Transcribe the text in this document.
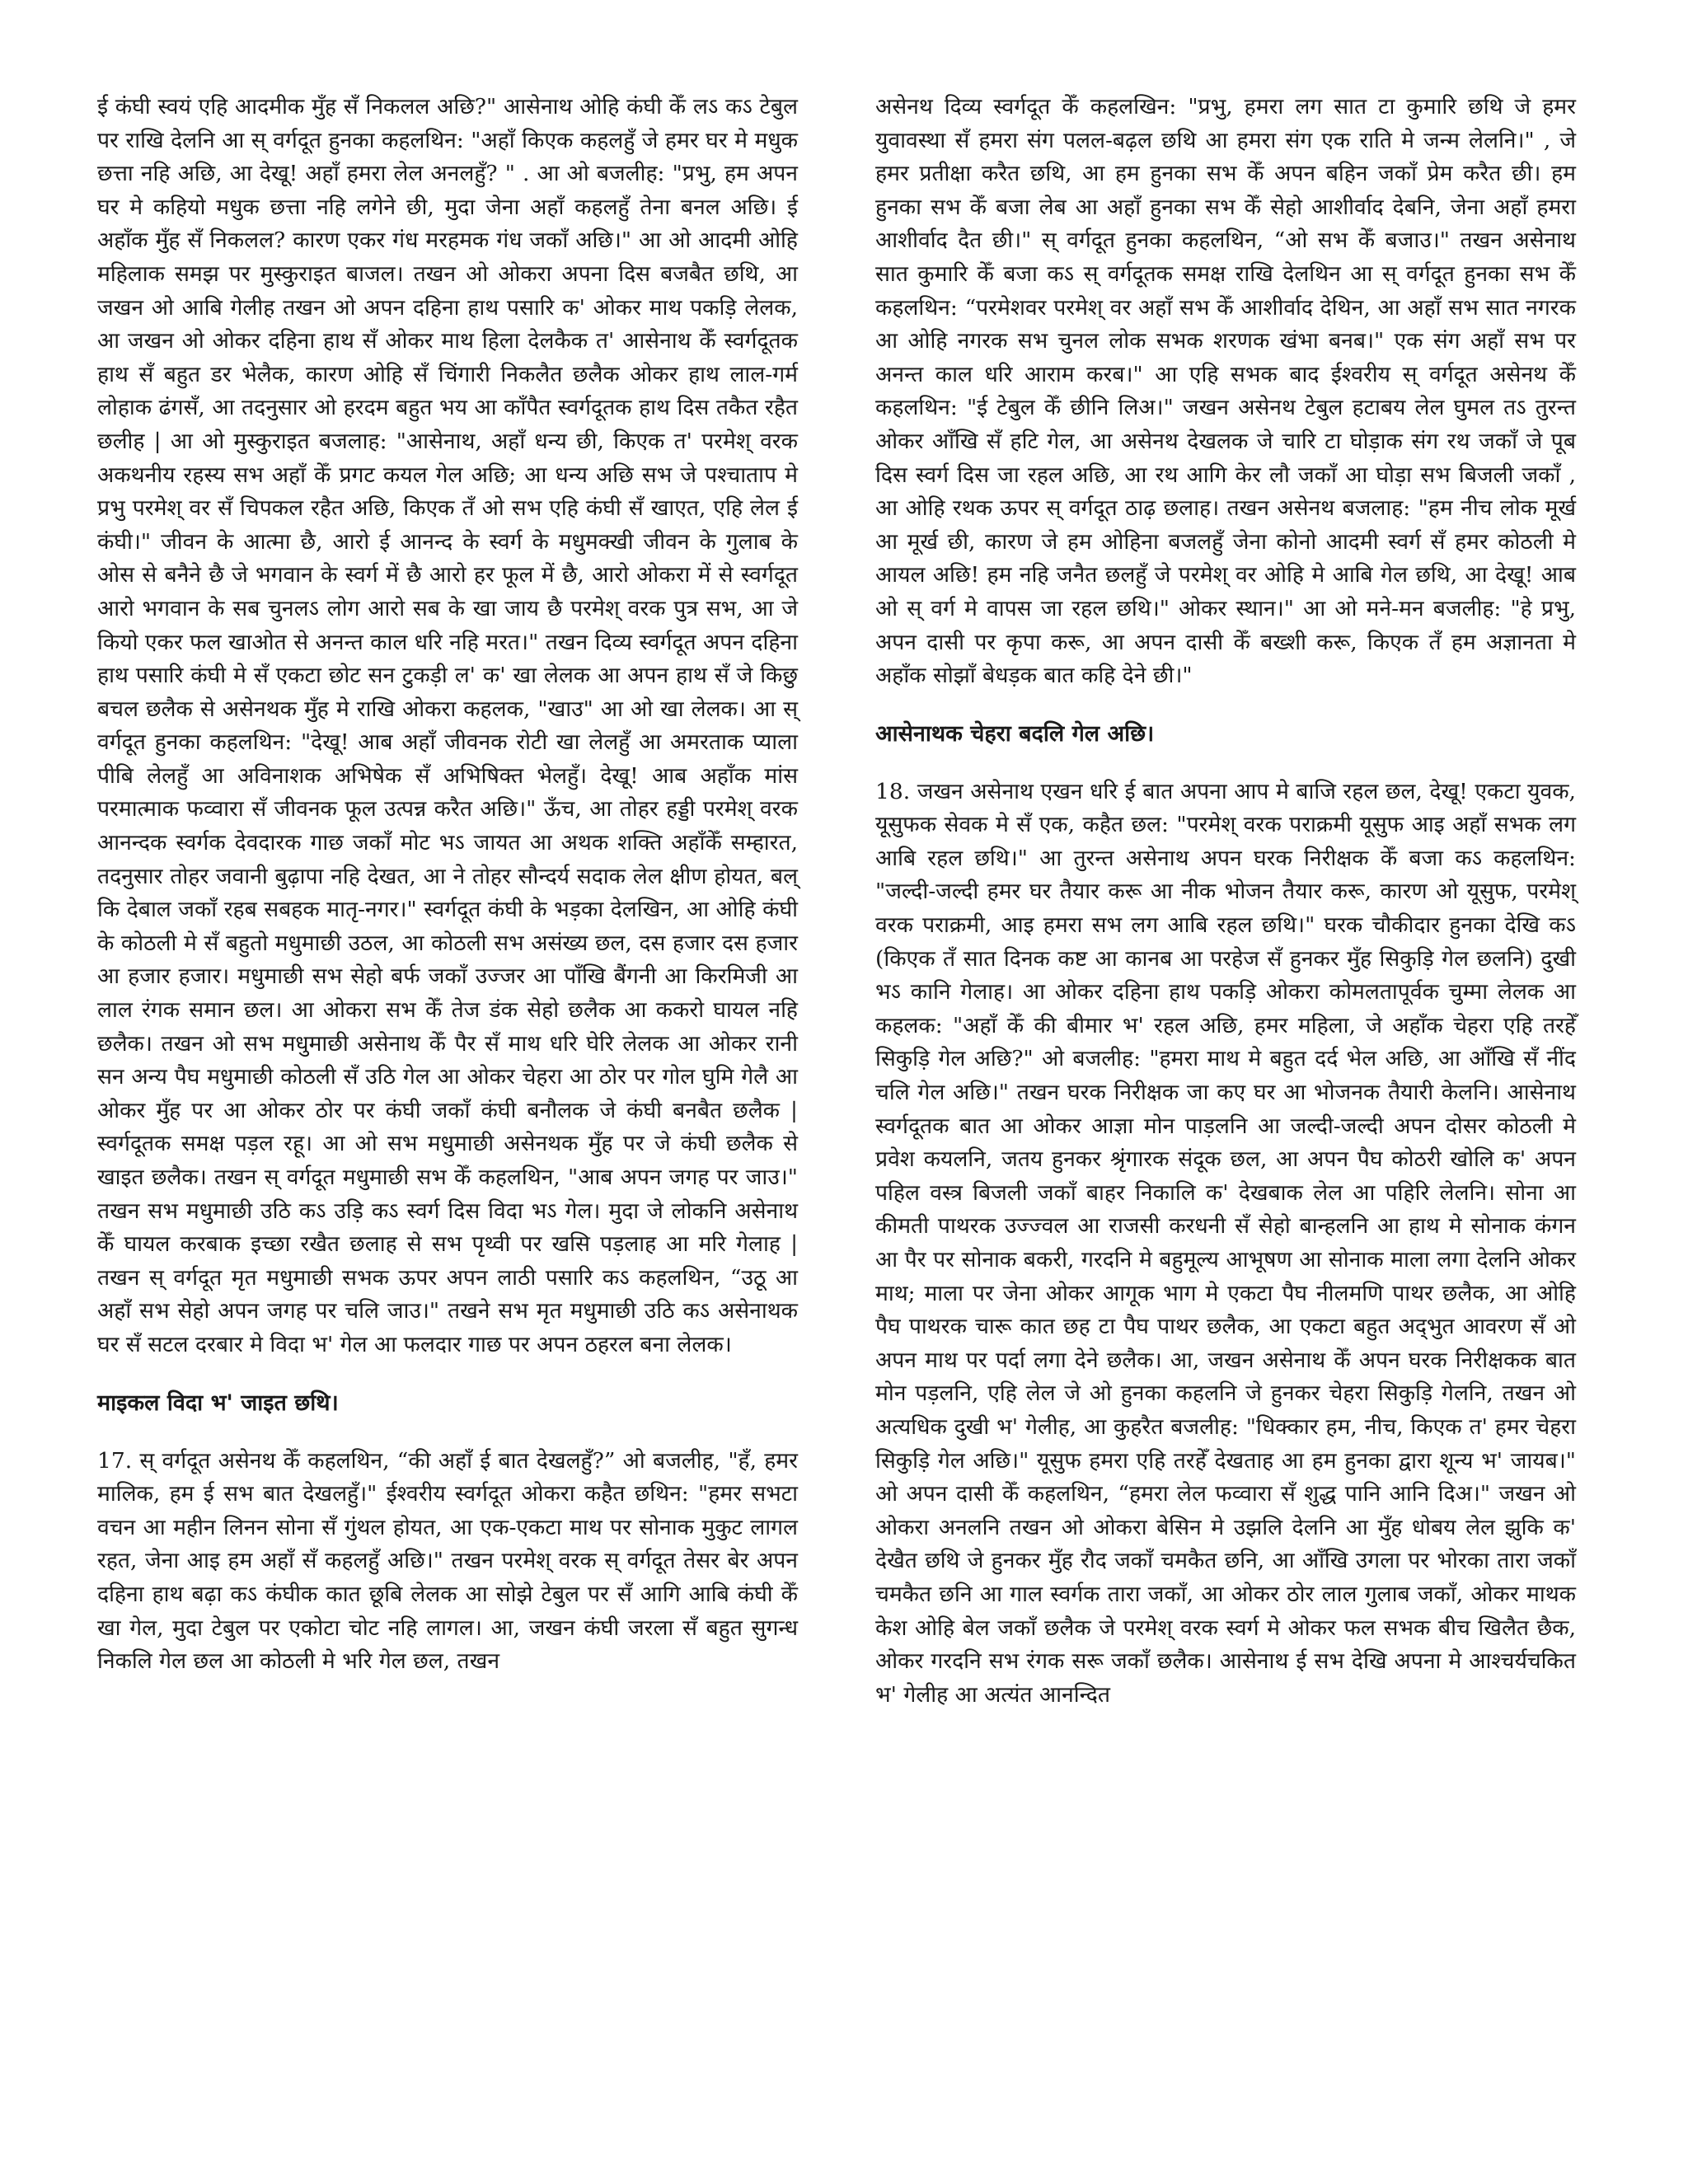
ई कंघी स्वयं एहि आदमीक मुँह सँ निकलल अछि?" आसेनाथ ओहि कंघी केँ लऽ कऽ टेबुल पर राखि देलनि आ स्‌ वर्गदूत हुनका कहलथिन: "अहाँ किएक कहलहुँ जे हमर घर मे मधुक छत्ता नहि अछि, आ देखू! अहाँ हमरा लेल अनलहुँ? " . आ ओ बजलीह: "प्रभु, हम अपन घर मे कहियो मधुक छत्ता नहि लगेने छी, मुदा जेना अहाँ कहलहुँ तेना बनल अछि। ई अहाँक मुँह सँ निकलल? कारण एकर गंध मरहमक गंध जकाँ अछि।" आ ओ आदमी ओहि महिलाक समझ पर मुस्कुराइत बाजल। तखन ओ ओकरा अपना दिस बजबैत छथि, आ जखन ओ आबि गेलीह तखन ओ अपन दहिना हाथ पसारि क' ओकर माथ पकड़ि लेलक, आ जखन ओ ओकर दहिना हाथ सँ ओकर माथ हिला देलकैक त' आसेनाथ केँ स्वर्गदूतक हाथ सँ बहुत डर भेलैक, कारण ओहि सँ चिंगारी निकलैत छलैक ओकर हाथ लाल-गर्म लोहाक ढंगसँ, आ तदनुसार ओ हरदम बहुत भय आ काँपैत स्वर्गदूतक हाथ दिस तकैत रहैत छलीह | आ ओ मुस्कुराइत बजलाह: "आसेनाथ, अहाँ धन्य छी, किएक त' परमेश्‌ वरक अकथनीय रहस्य सभ अहाँ केँ प्रगट कयल गेल अछि; आ धन्य अछि सभ जे पश्चाताप मे प्रभु परमेश्‌ वर सँ चिपकल रहैत अछि, किएक तँ ओ सभ एहि कंघी सँ खाएत, एहि लेल ई कंघी।" जीवन के आत्मा छै, आरो ई आनन्द के स्वर्ग के मधुमक्खी जीवन के गुलाब के ओस से बनैने छै जे भगवान के स्वर्ग में छै आरो हर फूल में छै, आरो ओकरा में से स्वर्गदूत आरो भगवान के सब चुनलऽ लोग आरो सब के खा जाय छै परमेश्‌ वरक पुत्र सभ, आ जे कियो एकर फल खाओत से अनन्त काल धरि नहि मरत।" तखन दिव्य स्वर्गदूत अपन दहिना हाथ पसारि कंघी मे सँ एकटा छोट सन टुकड़ी ल' क' खा लेलक आ अपन हाथ सँ जे किछु बचल छलैक से असेनथक मुँह मे राखि ओकरा कहलक, "खाउ" आ ओ खा लेलक। आ स्‌ वर्गदूत हुनका कहलथिन: "देखू! आब अहाँ जीवनक रोटी खा लेलहुँ आ अमरताक प्याला पीबि लेलहुँ आ अविनाशक अभिषेक सँ अभिषिक्त भेलहुँ। देखू! आब अहाँक मांस परमात्माक फव्वारा सँ जीवनक फूल उत्पन्न करैत अछि।" ऊँच, आ तोहर हड्डी परमेश्‌ वरक आनन्दक स्वर्गक देवदारक गाछ जकाँ मोट भऽ जायत आ अथक शक्ति अहाँकेँ सम्हारत, तदनुसार तोहर जवानी बुढ़ापा नहि देखत, आ ने तोहर सौन्दर्य सदाक लेल क्षीण होयत, बल्‌ कि देबाल जकाँ रहब सबहक मातृ-नगर।" स्वर्गदूत कंघी के भड़का देलखिन, आ ओहि कंघी के कोठली मे सँ बहुतो मधुमाछी उठल, आ कोठली सभ असंख्य छल, दस हजार दस हजार आ हजार हजार। मधुमाछी सभ सेहो बर्फ जकाँ उज्जर आ पाँखि बैंगनी आ किरमिजी आ लाल रंगक समान छल। आ ओकरा सभ केँ तेज डंक सेहो छलैक आ ककरो घायल नहि छलैक। तखन ओ सभ मधुमाछी असेनाथ केँ पैर सँ माथ धरि घेरि लेलक आ ओकर रानी सन अन्य पैघ मधुमाछी कोठली सँ उठि गेल आ ओकर चेहरा आ ठोर पर गोल घुमि गेलै आ ओकर मुँह पर आ ओकर ठोर पर कंघी जकाँ कंघी बनौलक जे कंघी बनबैत छलैक | स्वर्गदूतक समक्ष पड़ल रहू। आ ओ सभ मधुमाछी असेनथक मुँह पर जे कंघी छलैक से खाइत छलैक। तखन स्‌ वर्गदूत मधुमाछी सभ केँ कहलथिन, "आब अपन जगह पर जाउ।" तखन सभ मधुमाछी उठि कऽ उड़ि कऽ स्वर्ग दिस विदा भऽ गेल। मुदा जे लोकनि असेनाथ केँ घायल करबाक इच्छा रखैत छलाह से सभ पृथ्वी पर खसि पड़लाह आ मरि गेलाह | तखन स्‌ वर्गदूत मृत मधुमाछी सभक ऊपर अपन लाठी पसारि कऽ कहलथिन, “उठू आ अहाँ सभ सेहो अपन जगह पर चलि जाउ।" तखने सभ मृत मधुमाछी उठि कऽ असेनाथक घर सँ सटल दरबार मे विदा भ' गेल आ फलदार गाछ पर अपन ठहरल बना लेलक।

माइकल विदा भ' जाइत छथि।

17. स्‌ वर्गदूत असेनथ केँ कहलथिन, “की अहाँ ई बात देखलहुँ?” ओ बजलीह, "हँ, हमर मालिक, हम ई सभ बात देखलहुँ।" ईश्वरीय स्वर्गदूत ओकरा कहैत छथिन: "हमर सभटा वचन आ महीन लिनन सोना सँ गुंथल होयत, आ एक-एकटा माथ पर सोनाक मुकुट लागल रहत, जेना आइ हम अहाँ सँ कहलहुँ अछि।" तखन परमेश्‌ वरक स्‌ वर्गदूत तेसर बेर अपन दहिना हाथ बढ़ा कऽ कंघीक कात छूबि लेलक आ सोझे टेबुल पर सँ आगि आबि कंघी केँ खा गेल, मुदा टेबुल पर एकोटा चोट नहि लागल। आ, जखन कंघी जरला सँ बहुत सुगन्ध निकलि गेल छल आ कोठली मे भरि गेल छल, तखन

असेनथ दिव्य स्वर्गदूत केँ कहलखिन: "प्रभु, हमरा लग सात टा कुमारि छथि जे हमर युवावस्था सँ हमरा संग पलल-बढ़ल छथि आ हमरा संग एक राति मे जन्म लेलनि।" , जे हमर प्रतीक्षा करैत छथि, आ हम हुनका सभ केँ अपन बहिन जकाँ प्रेम करैत छी। हम हुनका सभ केँ बजा लेब आ अहाँ हुनका सभ केँ सेहो आशीर्वाद देबनि, जेना अहाँ हमरा आशीर्वाद दैत छी।" स्‌ वर्गदूत हुनका कहलथिन, “ओ सभ केँ बजाउ।" तखन असेनाथ सात कुमारि केँ बजा कऽ स्‌ वर्गदूतक समक्ष राखि देलथिन आ स्‌ वर्गदूत हुनका सभ केँ कहलथिन: “परमेशवर परमेश्‌ वर अहाँ सभ केँ आशीर्वाद देथिन, आ अहाँ सभ सात नगरक आ ओहि नगरक सभ चुनल लोक सभक शरणक खंभा बनब।" एक संग अहाँ सभ पर अनन्त काल धरि आराम करब।" आ एहि सभक बाद ईश्वरीय स्‌ वर्गदूत असेनथ केँ कहलथिन: "ई टेबुल केँ छीनि लिअ।" जखन असेनथ टेबुल हटाबय लेल घुमल तऽ तुरन्त ओकर आँखि सँ हटि गेल, आ असेनथ देखलक जे चारि टा घोड़ाक संग रथ जकाँ जे पूब दिस स्वर्ग दिस जा रहल अछि, आ रथ आगि केर लौ जकाँ आ घोड़ा सभ बिजली जकाँ , आ ओहि रथक ऊपर स्‌ वर्गदूत ठाढ़ छलाह। तखन असेनथ बजलाह: "हम नीच लोक मूर्ख आ मूर्ख छी, कारण जे हम ओहिना बजलहुँ जेना कोनो आदमी स्वर्ग सँ हमर कोठली मे आयल अछि! हम नहि जनैत छलहुँ जे परमेश्‌ वर ओहि मे आबि गेल छथि, आ देखू! आब ओ स्‌ वर्ग मे वापस जा रहल छथि।" ओकर स्थान।" आ ओ मने-मन बजलीह: "हे प्रभु, अपन दासी पर कृपा करू, आ अपन दासी केँ बख्शी करू, किएक तँ हम अज्ञानता मे अहाँक सोझाँ बेधड़क बात कहि देने छी।"

आसेनाथक चेहरा बदलि गेल अछि।

18. जखन असेनाथ एखन धरि ई बात अपना आप मे बाजि रहल छल, देखू! एकटा युवक, यूसुफक सेवक मे सँ एक, कहैत छल: "परमेश्‌ वरक पराक्रमी यूसुफ आइ अहाँ सभक लग आबि रहल छथि।" आ तुरन्त असेनाथ अपन घरक निरीक्षक केँ बजा कऽ कहलथिन: "जल्दी-जल्दी हमर घर तैयार करू आ नीक भोजन तैयार करू, कारण ओ यूसुफ, परमेश्‌ वरक पराक्रमी, आइ हमरा सभ लग आबि रहल छथि।" घरक चौकीदार हुनका देखि कऽ (किएक तँ सात दिनक कष्ट आ कानब आ परहेज सँ हुनकर मुँह सिकुड़ि गेल छलनि) दुखी भऽ कानि गेलाह। आ ओकर दहिना हाथ पकड़ि ओकरा कोमलतापूर्वक चुम्मा लेलक आ कहलक: "अहाँ केँ की बीमार भ' रहल अछि, हमर महिला, जे अहाँक चेहरा एहि तरहेँ सिकुड़ि गेल अछि?" ओ बजलीह: "हमरा माथ मे बहुत दर्द भेल अछि, आ आँखि सँ नींद चलि गेल अछि।" तखन घरक निरीक्षक जा कए घर आ भोजनक तैयारी केलनि। आसेनाथ स्वर्गदूतक बात आ ओकर आज्ञा मोन पाड़लनि आ जल्दी-जल्दी अपन दोसर कोठली मे प्रवेश कयलनि, जतय हुनकर श्रृंगारक संदूक छल, आ अपन पैघ कोठरी खोलि क' अपन पहिल वस्त्र बिजली जकाँ बाहर निकालि क' देखबाक लेल आ पहिरि लेलनि। सोना आ कीमती पाथरक उज्ज्वल आ राजसी करधनी सँ सेहो बान्हलनि आ हाथ मे सोनाक कंगन आ पैर पर सोनाक बकरी, गरदनि मे बहुमूल्य आभूषण आ सोनाक माला लगा देलनि ओकर माथ; माला पर जेना ओकर आगूक भाग मे एकटा पैघ नीलमणि पाथर छलैक, आ ओहि पैघ पाथरक चारू कात छह टा पैघ पाथर छलैक, आ एकटा बहुत अद्‌भुत आवरण सँ ओ अपन माथ पर पर्दा लगा देने छलैक। आ, जखन असेनाथ केँ अपन घरक निरीक्षकक बात मोन पड़लनि, एहि लेल जे ओ हुनका कहलनि जे हुनकर चेहरा सिकुड़ि गेलनि, तखन ओ अत्यधिक दुखी भ' गेलीह, आ कुहरैत बजलीह: "धिक्कार हम, नीच, किएक त' हमर चेहरा सिकुड़ि गेल अछि।" यूसुफ हमरा एहि तरहेँ देखताह आ हम हुनका द्वारा शून्य भ' जायब।" ओ अपन दासी केँ कहलथिन, “हमरा लेल फव्वारा सँ शुद्ध पानि आनि दिअ।" जखन ओ ओकरा अनलनि तखन ओ ओकरा बेसिन मे उझलि देलनि आ मुँह धोबय लेल झुकि क' देखैत छथि जे हुनकर मुँह रौद जकाँ चमकैत छनि, आ आँखि उगला पर भोरका तारा जकाँ चमकैत छनि आ गाल स्वर्गक तारा जकाँ, आ ओकर ठोर लाल गुलाब जकाँ, ओकर माथक केश ओहि बेल जकाँ छलैक जे परमेश्‌ वरक स्वर्ग मे ओकर फल सभक बीच खिलैत छैक, ओकर गरदनि सभ रंगक सरू जकाँ छलैक। आसेनाथ ई सभ देखि अपना मे आश्चर्यचकित भ' गेलीह आ अत्यंत आनन्दित
